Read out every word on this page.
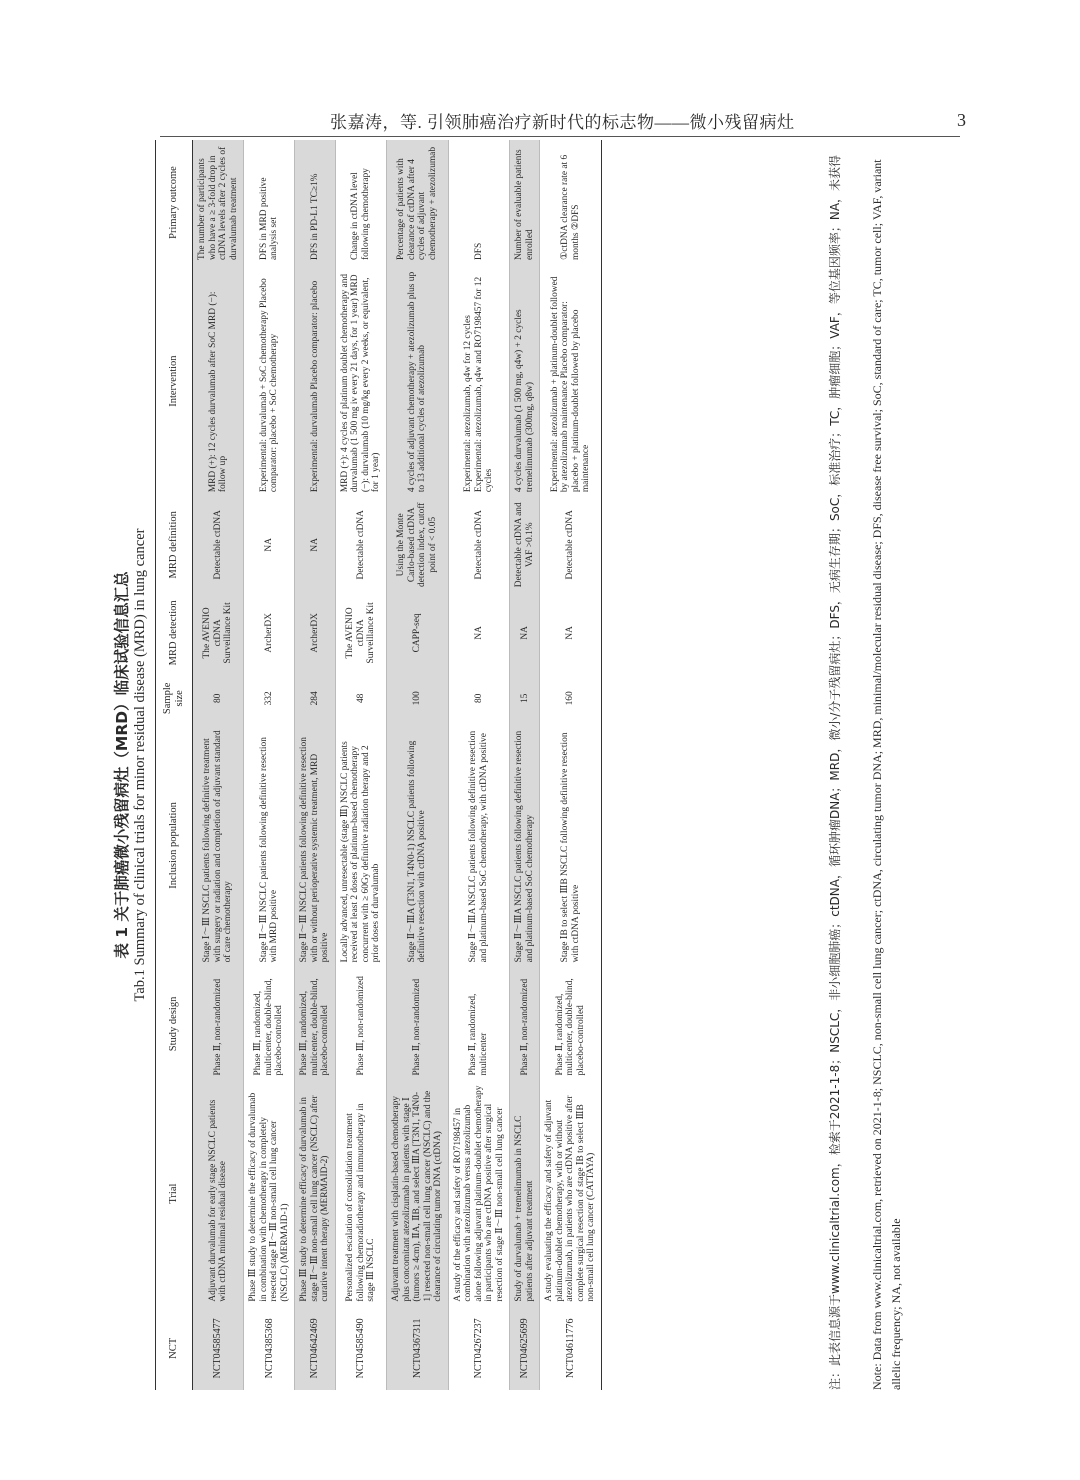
张嘉涛，等. 引领肺癌治疗新时代的标志物——微小残留病灶	3
表 1 关于肺癌微小残留病灶（MRD）临床试验信息汇总 Tab.1 Summary of clinical trials for minor residual disease (MRD) in lung cancer
NCT	Trial	Study design	Inclusion population	Sample size	MRD detection	MRD definition	Intervention	Primary outcome
NCT04585477	Adjuvant durvalumab for early stage NSCLC patients with ctDNA minimal residual disease	Phase Ⅱ, non-randomized	Stage Ⅰ～Ⅲ NSCLC patients following definitive treatment with surgery or radiation and completion of adjuvant standard of care chemotherapy	80	The AVENIO ctDNA Surveillance Kit	Detectable ctDNA	MRD (+): 12 cycles durvalumab after SoC MRD (−): follow up	The number of participants who have a ≥ 3-fold drop in ctDNA levels after 2 cycles of durvalumab treatment
NCT04385368	Phase Ⅲ study to determine the efficacy of durvalumab in combination with chemotherapy in completely resected stage Ⅱ～Ⅲ non-small cell lung cancer (NSCLC) (MERMAID-1)	Phase Ⅲ, randomized, multicenter, double-blind, placebo-controlled	Stage Ⅱ～Ⅲ NSCLC patients following definitive resection with MRD positive	332	ArcherDX	NA	Experimental: durvalumab + SoC chemotherapy Placebo comparator: placebo + SoC chemotherapy	DFS in MRD positive analysis set
NCT04642469	Phase Ⅲ study to determine efficacy of durvalumab in stage Ⅱ～Ⅲ non-small cell lung cancer (NSCLC) after curative intent therapy (MERMAID-2)	Phase Ⅲ, randomized, multicenter, double-blind, placebo-controlled	Stage Ⅱ～Ⅲ NSCLC patients following definitive resection with or without perioperative systemic treatment, MRD positive	284	ArcherDX	NA	Experimental: durvalumab Placebo comparator: placebo	DFS in PD-L1 TC≥1%
NCT04585490	Personalized escalation of consolidation treatment following chemoradiotherapy and immunotherapy in stage Ⅲ NSCLC	Phase Ⅲ, non-randomized	Locally advanced, unresectable (stage Ⅲ) NSCLC patients received at least 2 doses of platinum-based chemotherapy concurrent with ≥ 60Gy definitive radiation therapy and 2 prior doses of durvalumab	48	The AVENIO ctDNA Surveillance Kit	Detectable ctDNA	MRD (+): 4 cycles of platinum doublet chemotherapy and durvalumab (1 500 mg iv every 21 days, for 1 year) MRD (−): durvalumab (10 mg/kg every 2 weeks, or equivalent, for 1 year)	Change in ctDNA level following chemotherapy
NCT04367311	Adjuvant treatment with cisplatin-based chemotherapy plus concomitant atezolizumab in patients with stage Ⅰ (tumors ≥ 4cm), ⅡA, ⅡB, and select ⅢA [T3N1, T4N0-1] resected non-small cell lung cancer (NSCLC) and the clearance of circulating tumor DNA (ctDNA)	Phase Ⅱ, non-randomized	Stage Ⅱ～ⅢA (T3N1, T4N0-1) NSCLC patients following definitive resection with ctDNA positive	100	CAPP-seq	Using the Monte Carlo-based ctDNA detection index, cutoff point of < 0.05	4 cycles of adjuvant chemotherapy + atezolizumab plus up to 13 additional cycles of atezolizumab	Percentage of patients with clearance of ctDNA after 4 cycles of adjuvant chemotherapy + atezolizumab
NCT04267237	A study of the efficacy and safety of RO7198457 in combination with atezolizumab versus atezolizumab alone following adjuvant platinum-doublet chemotherapy in participants who are ctDNA positive after surgical resection of stage Ⅱ～Ⅲ non-small cell lung cancer	Phase Ⅱ, randomized, multicenter	Stage Ⅱ～ⅢA NSCLC patients following definitive resection and platinum-based SoC chemotherapy, with ctDNA positive	80	NA	Detectable ctDNA	Experimental: atezolizumab, q4w for 12 cycles Experimental: atezolizumab, q4w and RO7198457 for 12 cycles	DFS
NCT04625699	Study of durvalumab + tremelimumab in NSCLC patients after adjuvant treatment	Phase Ⅱ, non-randomized	Stage Ⅱ～ⅢA NSCLC patients following definitive resection and platinum-based SoC chemotherapy	15	NA	Detectable ctDNA and VAF >0.1%	4 cycles durvalumab (1 500 mg, q4w) + 2 cycles tremelimumab (300mg, q8w)	Number of evaluable patients enrolled
NCT04611776	A study evaluating the efficacy and safety of adjuvant platinum-doublet chemotherapy, with or without atezolizumab, in patients who are ctDNA positive after complete surgical resection of stage ⅠB to select ⅢB non-small cell lung cancer (CATTAYA)	Phase Ⅱ, randomized, multicenter, double-blind, placebo-controlled	Stage ⅠB to select ⅢB NSCLC following definitive resection with ctDNA positive	160	NA	Detectable ctDNA	Experimental: atezolizumab + platinum-doublet followed by atezolizumab maintenance Placebo comparator: placebo + platinum-doublet followed by placebo maintenance	①ctDNA clearance rate at 6 months ②DFS	注：此表信息源于www.clinicaltrial.com，检索于2021-1-8；NSCLC，非小细胞肺癌；ctDNA，循环肿瘤DNA；MRD，微小/分子残留病灶；DFS，无病生存期；SoC，标准治疗；TC，肿瘤细胞；VAF，等位基因频率；NA，未获得 Note: Data from www.clinicaltrial.com, retrieved on 2021-1-8; NSCLC, non-small cell lung cancer; ctDNA, circulating tumor DNA; MRD, minimal/molecular residual disease; DFS, disease free survival; SoC, standard of care; TC, tumor cell; VAF, variant allelic frequency; NA, not available
